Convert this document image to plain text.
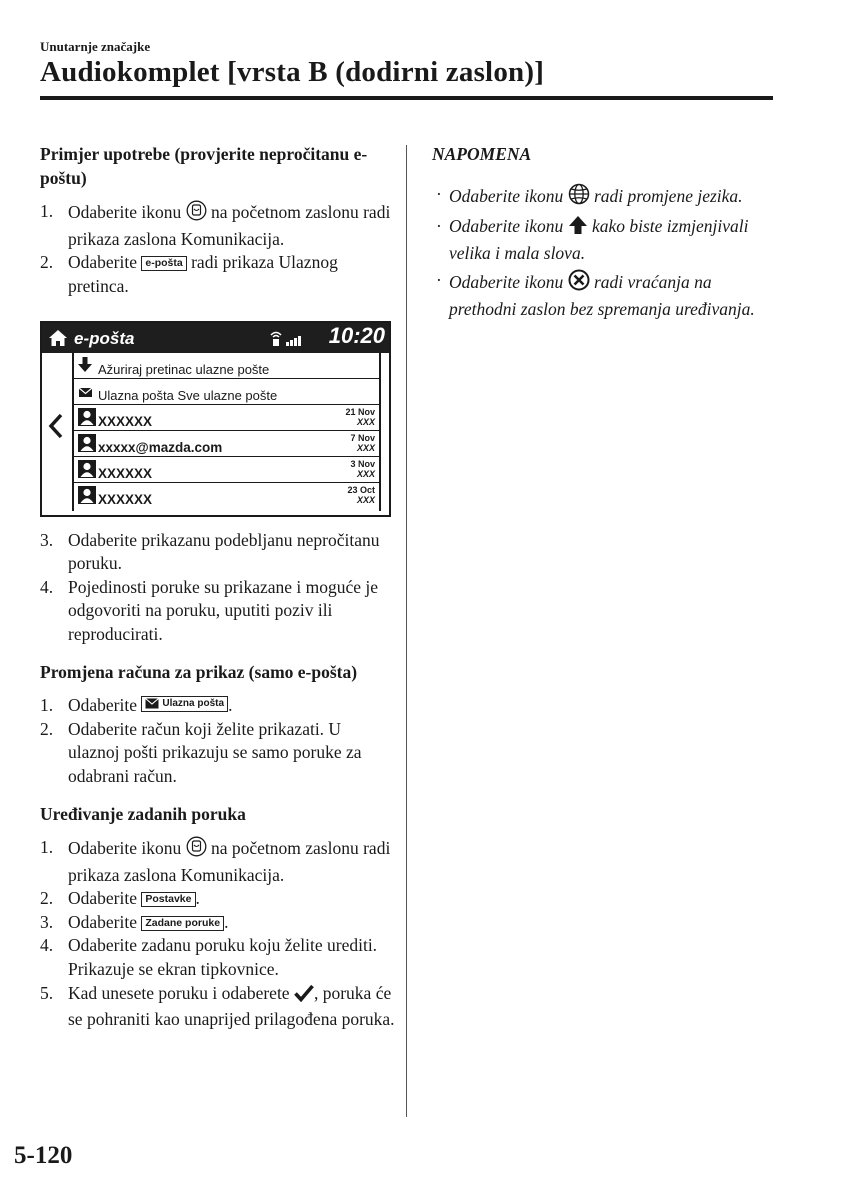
Unutarnje značajke
Audiokomplet [vrsta B (dodirni zaslon)]
Primjer upotrebe (provjerite nepročitanu e-poštu)
1. Odaberite ikonu na početnom zaslonu radi prikaza zaslona Komunikacija.
2. Odaberite e-pošta radi prikaza Ulaznog pretinca.
e-pošta	10:20
Ažuriraj pretinac ulazne pošte
Ulazna pošta Sve ulazne pošte
XXXXXX
21 Nov
XXX
xxxxx@mazda.com
7 Nov
XXX
XXXXXX
3 Nov
XXX
XXXXXX
23 Oct
XXX
3. Odaberite prikazanu podebljanu nepročitanu poruku.
4. Pojedinosti poruke su prikazane i moguće je odgovoriti na poruku, uputiti poziv ili reproducirati.
Promjena računa za prikaz (samo e-pošta)
1. Odaberite	Ulazna pošta .
2. Odaberite račun koji želite prikazati. U ulaznoj pošti prikazuju se samo poruke za odabrani račun.
Uređivanje zadanih poruka
1. Odaberite ikonu na početnom zaslonu radi prikaza zaslona Komunikacija.
2. Odaberite Postavke .
3. Odaberite Zadane poruke .
4. Odaberite zadanu poruku koju želite urediti. Prikazuje se ekran tipkovnice.
5. Kad unesete poruku i odaberete , poruka će se pohraniti kao unaprijed prilagođena poruka.
NAPOMENA
· Odaberite ikonu radi promjene jezika.
· Odaberite ikonu kako biste izmjenjivali velika i mala slova.
· Odaberite ikonu radi vraćanja na prethodni zaslon bez spremanja uređivanja.
5-120
